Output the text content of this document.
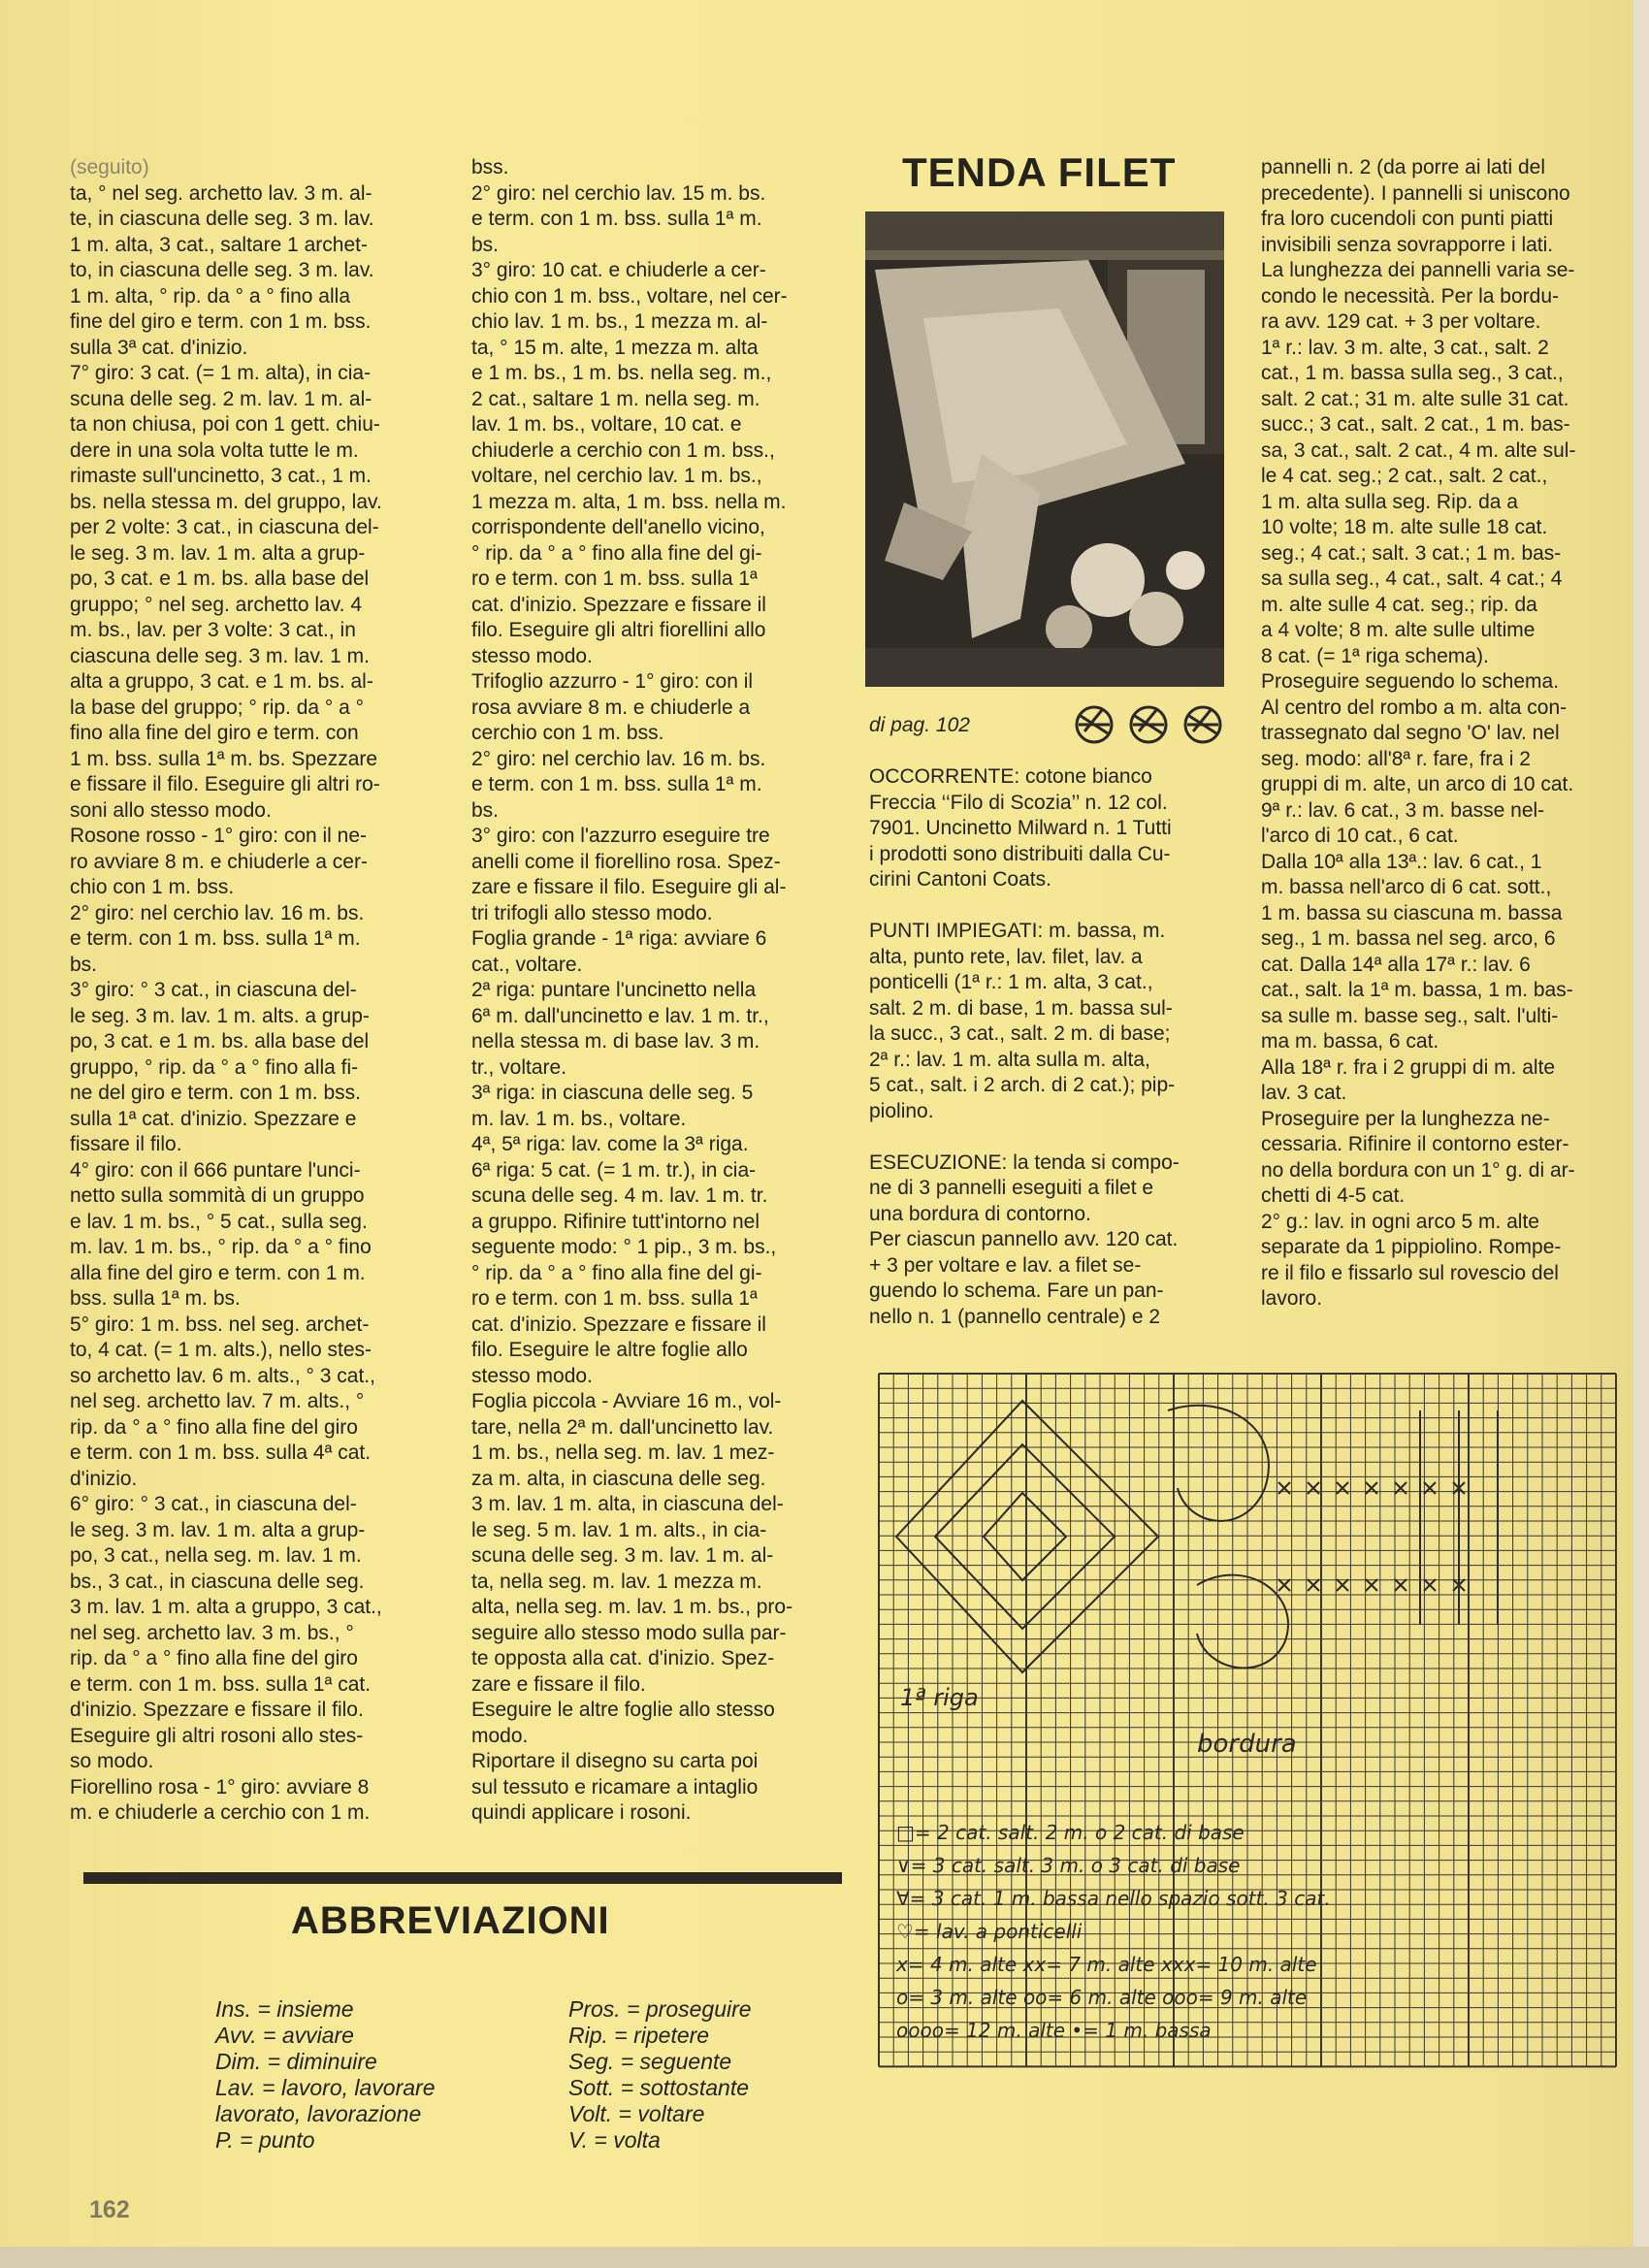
(seguito)

ta, ° nel seg. archetto lav. 3 m. al-

te, in ciascuna delle seg. 3 m. lav.

1 m. alta, 3 cat., saltare 1 archet-

to, in ciascuna delle seg. 3 m. lav.

1 m. alta, ° rip. da ° a ° fino alla

fine del giro e term. con 1 m. bss.

sulla 3ª cat. d'inizio.

7° giro: 3 cat. (= 1 m. alta), in cia-

scuna delle seg. 2 m. lav. 1 m. al-

ta non chiusa, poi con 1 gett. chiu-

dere in una sola volta tutte le m.

rimaste sull'uncinetto, 3 cat., 1 m.

bs. nella stessa m. del gruppo, lav.

per 2 volte: 3 cat., in ciascuna del-

le seg. 3 m. lav. 1 m. alta a grup-

po, 3 cat. e 1 m. bs. alla base del

gruppo; ° nel seg. archetto lav. 4

m. bs., lav. per 3 volte: 3 cat., in

ciascuna delle seg. 3 m. lav. 1 m.

alta a gruppo, 3 cat. e 1 m. bs. al-

la base del gruppo; ° rip. da ° a °

fino alla fine del giro e term. con

1 m. bss. sulla 1ª m. bs. Spezzare

e fissare il filo. Eseguire gli altri ro-

soni allo stesso modo.

Rosone rosso - 1° giro: con il ne-

ro avviare 8 m. e chiuderle a cer-

chio con 1 m. bss.

2° giro: nel cerchio lav. 16 m. bs.

e term. con 1 m. bss. sulla 1ª m.

bs.

3° giro: ° 3 cat., in ciascuna del-

le seg. 3 m. lav. 1 m. alts. a grup-

po, 3 cat. e 1 m. bs. alla base del

gruppo, ° rip. da ° a ° fino alla fi-

ne del giro e term. con 1 m. bss.

sulla 1ª cat. d'inizio. Spezzare e

fissare il filo.

4° giro: con il 666 puntare l'unci-

netto sulla sommità di un gruppo

e lav. 1 m. bs., ° 5 cat., sulla seg.

m. lav. 1 m. bs., ° rip. da ° a ° fino

alla fine del giro e term. con 1 m.

bss. sulla 1ª m. bs.

5° giro: 1 m. bss. nel seg. archet-

to, 4 cat. (= 1 m. alts.), nello stes-

so archetto lav. 6 m. alts., ° 3 cat.,

nel seg. archetto lav. 7 m. alts., °

rip. da ° a ° fino alla fine del giro

e term. con 1 m. bss. sulla 4ª cat.

d'inizio.

6° giro: ° 3 cat., in ciascuna del-

le seg. 3 m. lav. 1 m. alta a grup-

po, 3 cat., nella seg. m. lav. 1 m.

bs., 3 cat., in ciascuna delle seg.

3 m. lav. 1 m. alta a gruppo, 3 cat.,

nel seg. archetto lav. 3 m. bs., °

rip. da ° a ° fino alla fine del giro

e term. con 1 m. bss. sulla 1ª cat.

d'inizio. Spezzare e fissare il filo.

Eseguire gli altri rosoni allo stes-

so modo.

Fiorellino rosa - 1° giro: avviare 8

m. e chiuderle a cerchio con 1 m.

bss.

2° giro: nel cerchio lav. 15 m. bs.

e term. con 1 m. bss. sulla 1ª m.

bs.

3° giro: 10 cat. e chiuderle a cer-

chio con 1 m. bss., voltare, nel cer-

chio lav. 1 m. bs., 1 mezza m. al-

ta, ° 15 m. alte, 1 mezza m. alta

e 1 m. bs., 1 m. bs. nella seg. m.,

2 cat., saltare 1 m. nella seg. m.

lav. 1 m. bs., voltare, 10 cat. e

chiuderle a cerchio con 1 m. bss.,

voltare, nel cerchio lav. 1 m. bs.,

1 mezza m. alta, 1 m. bss. nella m.

corrispondente dell'anello vicino,

° rip. da ° a ° fino alla fine del gi-

ro e term. con 1 m. bss. sulla 1ª

cat. d'inizio. Spezzare e fissare il

filo. Eseguire gli altri fiorellini allo

stesso modo.

Trifoglio azzurro - 1° giro: con il

rosa avviare 8 m. e chiuderle a

cerchio con 1 m. bss.

2° giro: nel cerchio lav. 16 m. bs.

e term. con 1 m. bss. sulla 1ª m.

bs.

3° giro: con l'azzurro eseguire tre

anelli come il fiorellino rosa. Spez-

zare e fissare il filo. Eseguire gli al-

tri trifogli allo stesso modo.

Foglia grande - 1ª riga: avviare 6

cat., voltare.

2ª riga: puntare l'uncinetto nella

6ª m. dall'uncinetto e lav. 1 m. tr.,

nella stessa m. di base lav. 3 m.

tr., voltare.

3ª riga: in ciascuna delle seg. 5

m. lav. 1 m. bs., voltare.

4ª, 5ª riga: lav. come la 3ª riga.

6ª riga: 5 cat. (= 1 m. tr.), in cia-

scuna delle seg. 4 m. lav. 1 m. tr.

a gruppo. Rifinire tutt'intorno nel

seguente modo: ° 1 pip., 3 m. bs.,

° rip. da ° a ° fino alla fine del gi-

ro e term. con 1 m. bss. sulla 1ª

cat. d'inizio. Spezzare e fissare il

filo. Eseguire le altre foglie allo

stesso modo.

Foglia piccola - Avviare 16 m., vol-

tare, nella 2ª m. dall'uncinetto lav.

1 m. bs., nella seg. m. lav. 1 mez-

za m. alta, in ciascuna delle seg.

3 m. lav. 1 m. alta, in ciascuna del-

le seg. 5 m. lav. 1 m. alts., in cia-

scuna delle seg. 3 m. lav. 1 m. al-

ta, nella seg. m. lav. 1 mezza m.

alta, nella seg. m. lav. 1 m. bs., pro-

seguire allo stesso modo sulla par-

te opposta alla cat. d'inizio. Spez-

zare e fissare il filo.

Eseguire le altre foglie allo stesso

modo.

Riportare il disegno su carta poi

sul tessuto e ricamare a intaglio

quindi applicare i rosoni.

TENDA FILET
di pag. 102

OCCORRENTE: cotone bianco

Freccia ‘‘Filo di Scozia’’ n. 12 col.

7901. Uncinetto Milward n. 1 Tutti

i prodotti sono distribuiti dalla Cu-

cirini Cantoni Coats.

PUNTI IMPIEGATI: m. bassa, m.

alta, punto rete, lav. filet, lav. a

ponticelli (1ª r.: 1 m. alta, 3 cat.,

salt. 2 m. di base, 1 m. bassa sul-

la succ., 3 cat., salt. 2 m. di base;

2ª r.: lav. 1 m. alta sulla m. alta,

5 cat., salt. i 2 arch. di 2 cat.); pip-

piolino.

ESECUZIONE: la tenda si compo-

ne di 3 pannelli eseguiti a filet e

una bordura di contorno.

Per ciascun pannello avv. 120 cat.

+ 3 per voltare e lav. a filet se-

guendo lo schema. Fare un pan-

nello n. 1 (pannello centrale) e 2

pannelli n. 2 (da porre ai lati del

precedente). I pannelli si uniscono

fra loro cucendoli con punti piatti

invisibili senza sovrapporre i lati.

La lunghezza dei pannelli varia se-

condo le necessità. Per la bordu-

ra avv. 129 cat. + 3 per voltare.

1ª r.: lav. 3 m. alte, 3 cat., salt. 2

cat., 1 m. bassa sulla seg., 3 cat.,

salt. 2 cat.; 31 m. alte sulle 31 cat.

succ.; 3 cat., salt. 2 cat., 1 m. bas-

sa, 3 cat., salt. 2 cat., 4 m. alte sul-

le 4 cat. seg.; 2 cat., salt. 2 cat.,

1 m. alta sulla seg. Rip. da a

10 volte; 18 m. alte sulle 18 cat.

seg.; 4 cat.; salt. 3 cat.; 1 m. bas-

sa sulla seg., 4 cat., salt. 4 cat.; 4

m. alte sulle 4 cat. seg.; rip. da

a 4 volte; 8 m. alte sulle ultime

8 cat. (= 1ª riga schema).

Proseguire seguendo lo schema.

Al centro del rombo a m. alta con-

trassegnato dal segno 'O' lav. nel

seg. modo: all'8ª r. fare, fra i 2

gruppi di m. alte, un arco di 10 cat.

9ª r.: lav. 6 cat., 3 m. basse nel-

l'arco di 10 cat., 6 cat.

Dalla 10ª alla 13ª.: lav. 6 cat., 1

m. bassa nell'arco di 6 cat. sott.,

1 m. bassa su ciascuna m. bassa

seg., 1 m. bassa nel seg. arco, 6

cat. Dalla 14ª alla 17ª r.: lav. 6

cat., salt. la 1ª m. bassa, 1 m. bas-

sa sulle m. basse seg., salt. l'ulti-

ma m. bassa, 6 cat.

Alla 18ª r. fra i 2 gruppi di m. alte

lav. 3 cat.

Proseguire per la lunghezza ne-

cessaria. Rifinire il contorno ester-

no della bordura con un 1° g. di ar-

chetti di 4-5 cat.

2° g.: lav. in ogni arco 5 m. alte

separate da 1 pippiolino. Rompe-

re il filo e fissarlo sul rovescio del

lavoro.

ABBREVIAZIONI
Ins. = insieme
Avv. = avviare
Dim. = diminuire
Lav. = lavoro, lavorare
lavorato, lavorazione
P. = punto
Pros. = proseguire
Rip. = ripetere
Seg. = seguente
Sott. = sottostante
Volt. = voltare
V. = volta
162
1ª riga
bordura
□= 2 cat. salt. 2 m. o 2 cat. di base
∨= 3 cat. salt. 3 m. o 3 cat. di base
∀= 3 cat. 1 m. bassa nello spazio sott. 3 cat.
♡= lav. a ponticelli
x= 4 m. alte xx= 7 m. alte xxx= 10 m. alte
o= 3 m. alte oo= 6 m. alte ooo= 9 m. alte
oooo= 12 m. alte •= 1 m. bassa
